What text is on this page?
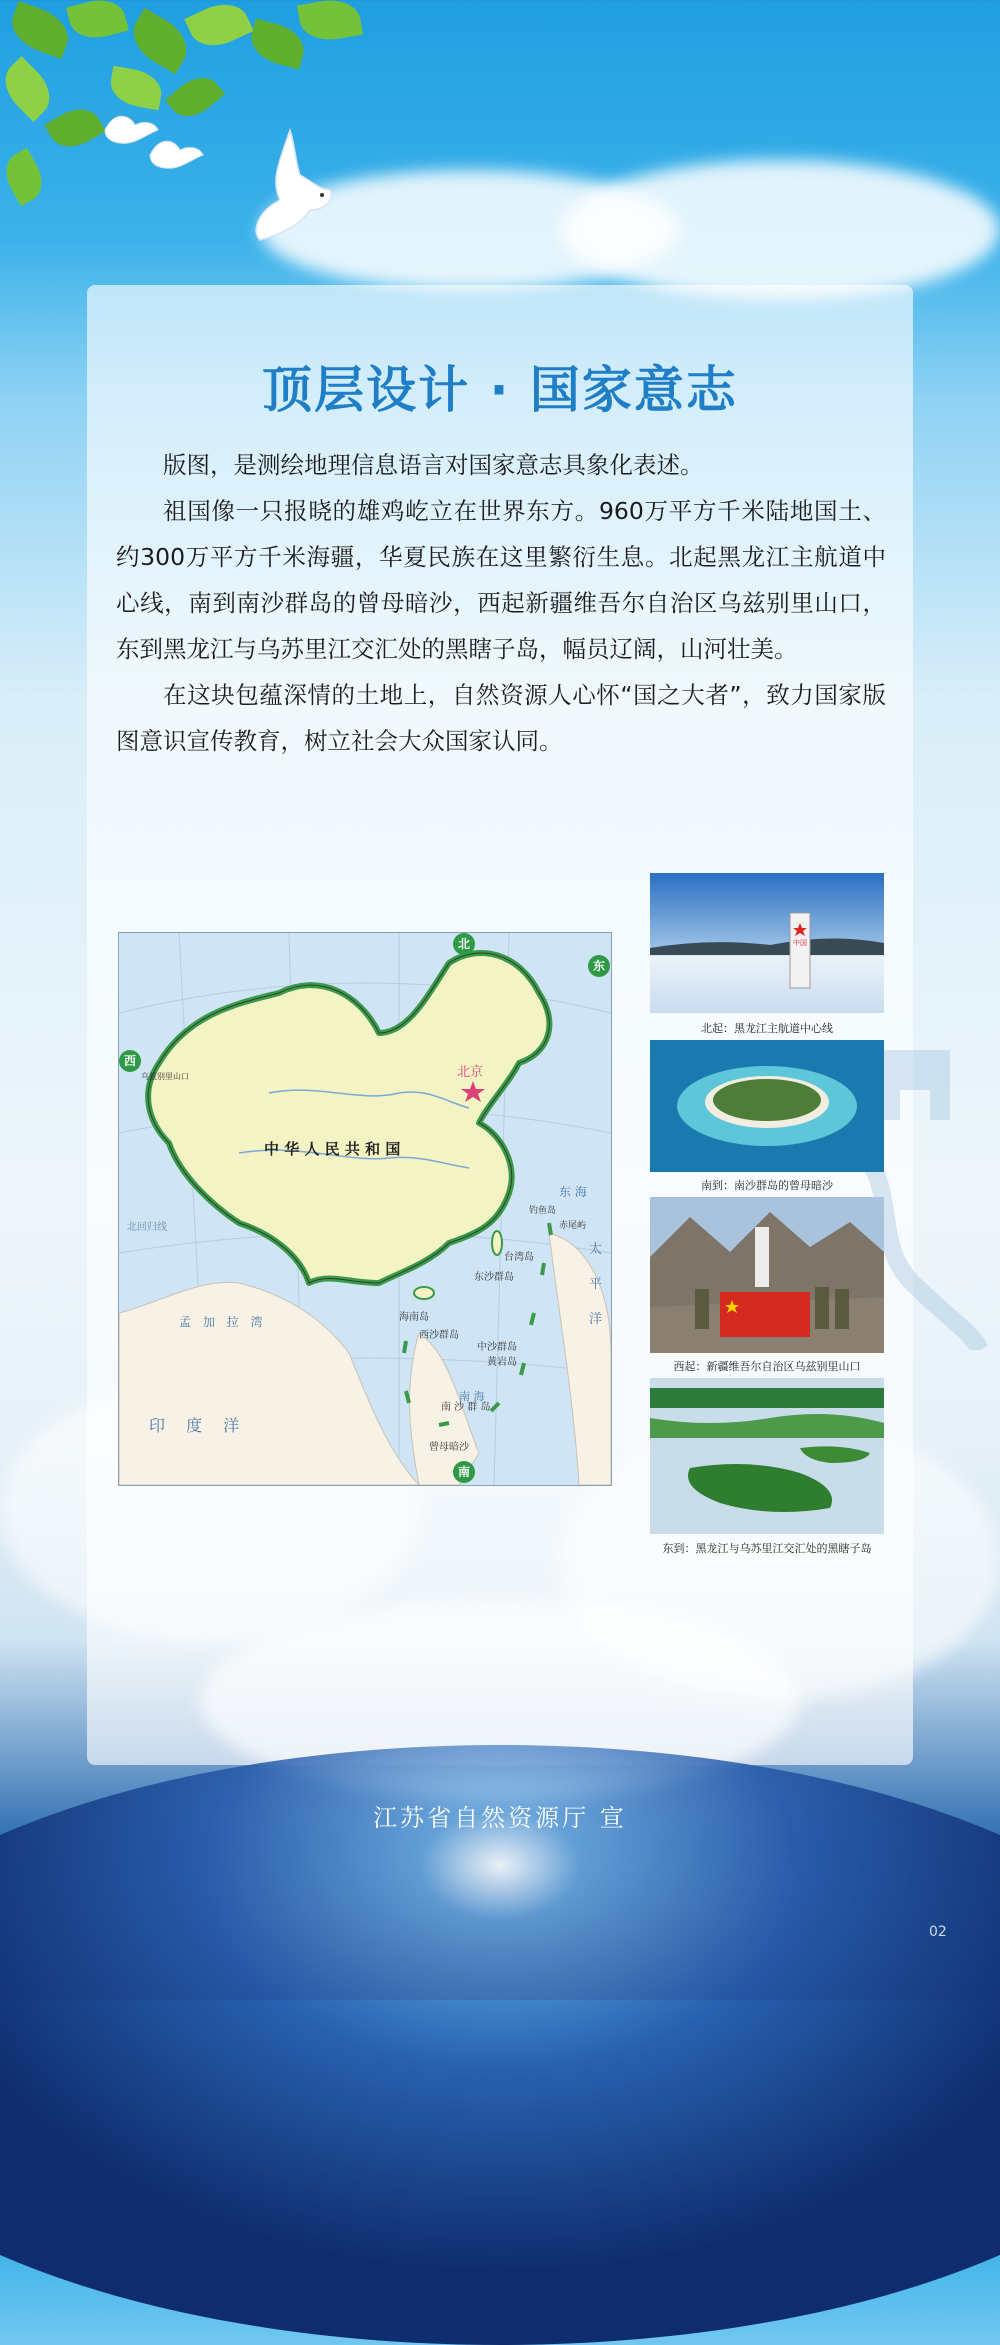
顶层设计 · 国家意志

版图，是测绘地理信息语言对国家意志具象化表述。

祖国像一只报晓的雄鸡屹立在世界东方。960万平方千米陆地国土、约300万平方千米海疆，华夏民族在这里繁衍生息。北起黑龙江主航道中心线，南到南沙群岛的曾母暗沙，西起新疆维吾尔自治区乌兹别里山口，东到黑龙江与乌苏里江交汇处的黑瞎子岛，幅员辽阔，山河壮美。

在这块包蕴深情的土地上，自然资源人心怀“国之大者”，致力国家版图意识宣传教育，树立社会大众国家认同。

北
东
西
南
中 华 人 民 共 和 国
北京
东 海
太
平
洋
印 度 洋
孟 加 拉 湾
南 海
台湾岛
海南岛
东沙群岛
西沙群岛
中沙群岛
黄岩岛
南 沙 群 岛
曾母暗沙
钓鱼岛
赤尾屿
北回归线
乌兹别里山口
中国
北起：黑龙江主航道中心线
南到：南沙群岛的曾母暗沙
西起：新疆维吾尔自治区乌兹别里山口
东到：黑龙江与乌苏里江交汇处的黑瞎子岛
江苏省自然资源厅 宣
02
